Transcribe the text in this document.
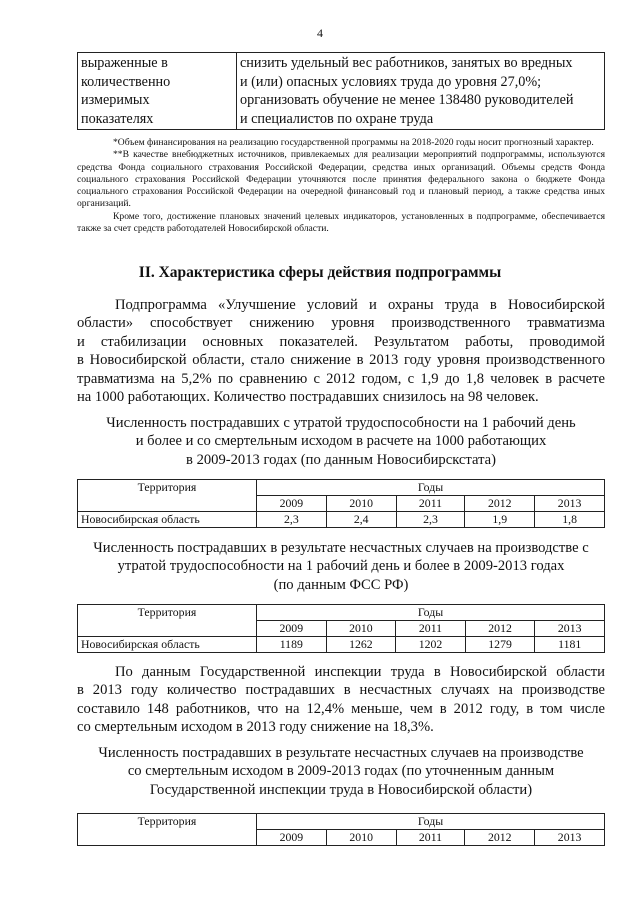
4
выраженные в
количественно
измеримых
показателях

снизить удельный вес работников, занятых во вредных
и (или) опасных условиях труда до уровня 27,0%;
организовать обучение не менее 138480 руководителей
и специалистов по охране труда

*Объем финансирования на реализацию государственной программы на 2018-2020 годы носит прогнозный характер.

**В качестве внебюджетных источников, привлекаемых для реализации мероприятий подпрограммы, используются средства Фонда социального страхования Российской Федерации, средства иных организаций. Объемы средств Фонда социального страхования Российской Федерации уточняются после принятия федерального закона о бюджете Фонда социального страхования Российской Федерации на очередной финансовый год и плановый период, а также средства иных организаций.

Кроме того, достижение плановых значений целевых индикаторов, установленных в подпрограмме, обеспечивается также за счет средств работодателей Новосибирской области.

II. Характеристика сферы действия подпрограммы
Подпрограмма «Улучшение условий и охраны труда в Новосибирской
области» способствует снижению уровня производственного травматизма
и стабилизации основных показателей. Результатом работы, проводимой
в Новосибирской области, стало снижение в 2013 году уровня производственного
травматизма на 5,2% по сравнению с 2012 годом, с 1,9 до 1,8 человек в расчете
на 1000 работающих. Количество пострадавших снизилось на 98 человек.
Численность пострадавших с утратой трудоспособности на 1 рабочий день
и более и со смертельным исходом в расчете на 1000 работающих
в 2009-2013 годах (по данным Новосибирскстата)
Территория	Годы				
	2009	2010	2011	2012	2013
Новосибирская область	2,3	2,4	2,3	1,9	1,8
Численность пострадавших в результате несчастных случаев на производстве с
утратой трудоспособности на 1 рабочий день и более в 2009-2013 годах
(по данным ФСС РФ)
Территория	Годы				
	2009	2010	2011	2012	2013
Новосибирская область	1189	1262	1202	1279	1181
По данным Государственной инспекции труда в Новосибирской области
в 2013 году количество пострадавших в несчастных случаях на производстве
составило 148 работников, что на 12,4% меньше, чем в 2012 году, в том числе
со смертельным исходом в 2013 году снижение на 18,3%.
Численность пострадавших в результате несчастных случаев на производстве
со смертельным исходом в 2009-2013 годах (по уточненным данным
Государственной инспекции труда в Новосибирской области)
Территория	Годы				
	2009	2010	2011	2012	2013
